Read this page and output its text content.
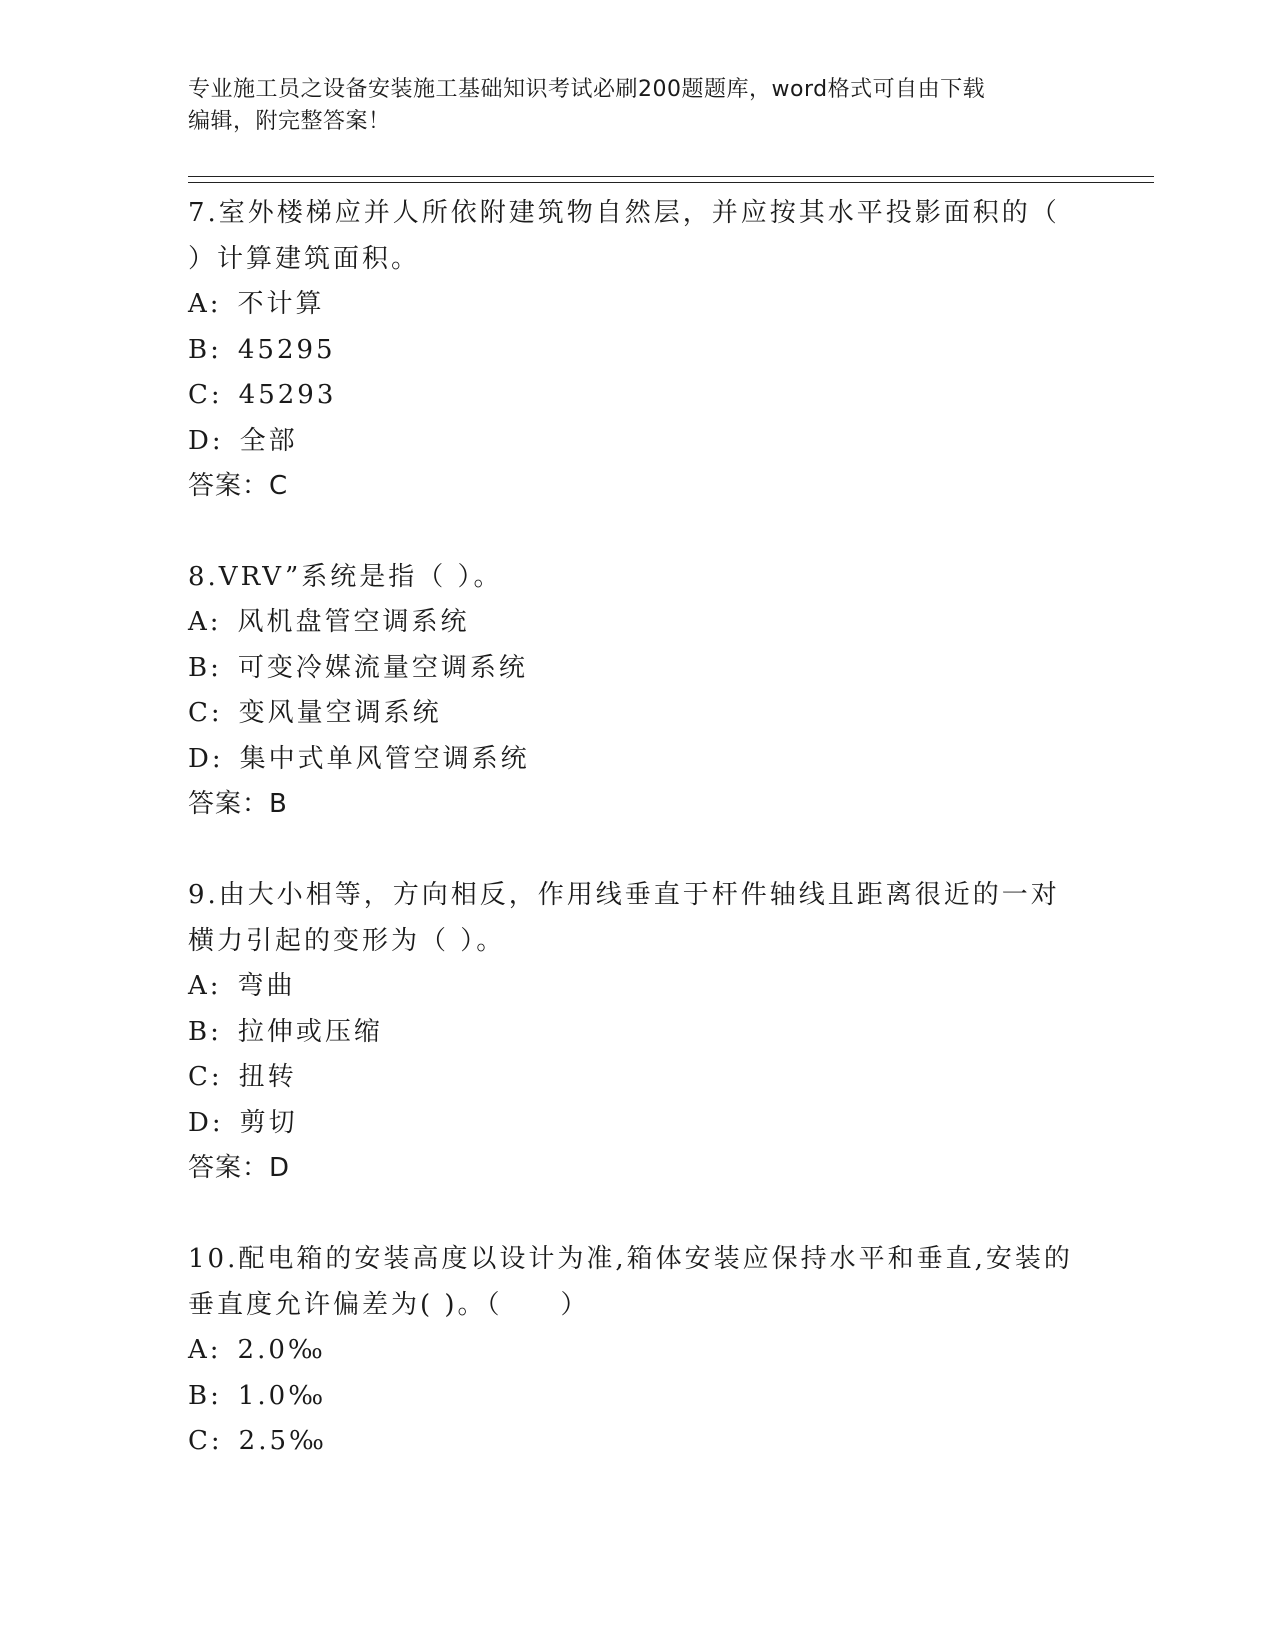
专业施工员之设备安装施工基础知识考试必刷200题题库，word格式可自由下载
编辑，附完整答案！
7.室外楼梯应并人所依附建筑物自然层，并应按其水平投影面积的（
）计算建筑面积。
A: 不计算
B: 45295
C: 45293
D: 全部
答案：C
8.VRV”系统是指（ ）。
A: 风机盘管空调系统
B: 可变冷媒流量空调系统
C: 变风量空调系统
D: 集中式单风管空调系统
答案：B
9.由大小相等，方向相反，作用线垂直于杆件轴线且距离很近的一对
横力引起的变形为（ ）。
A: 弯曲
B: 拉伸或压缩
C: 扭转
D: 剪切
答案：D
10.配电箱的安装高度以设计为准,箱体安装应保持水平和垂直,安装的
垂直度允许偏差为( )。（　　）
A: 2.0‰
B: 1.0‰
C: 2.5‰
